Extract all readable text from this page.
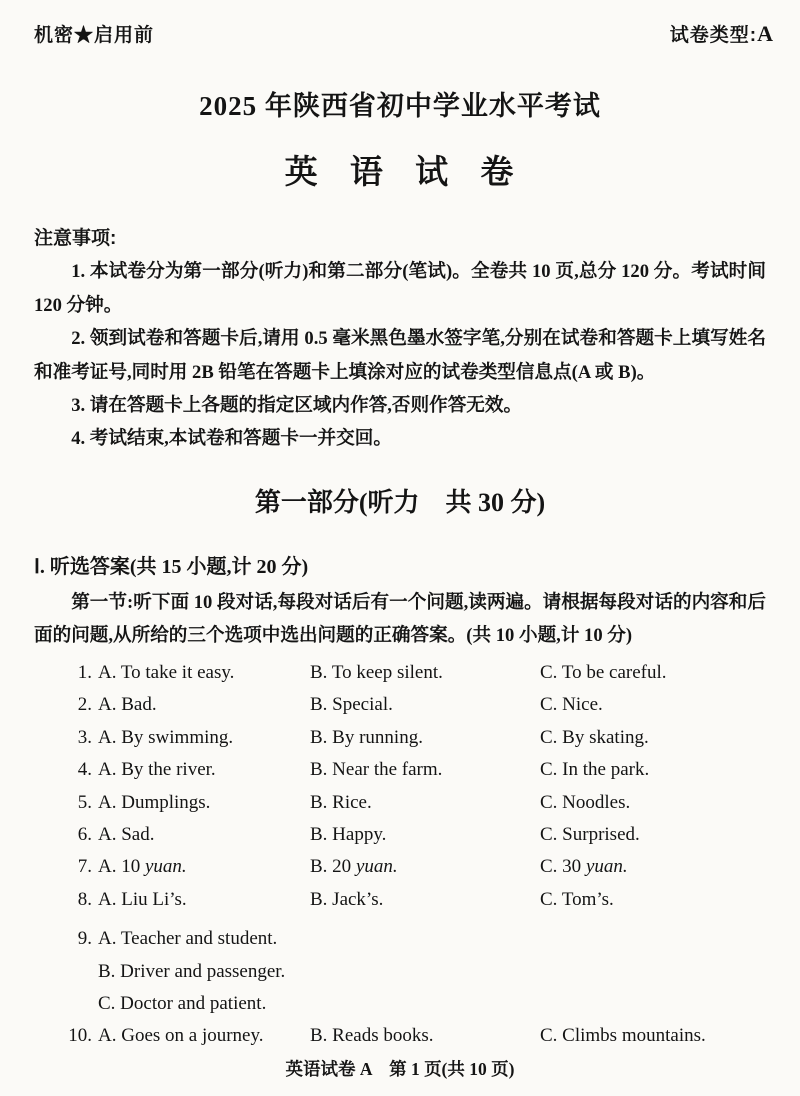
机密★启用前	试卷类型:A
2025 年陕西省初中学业水平考试
英 语 试 卷
注意事项:

1. 本试卷分为第一部分(听力)和第二部分(笔试)。全卷共 10 页,总分 120 分。考试时间 120 分钟。

2. 领到试卷和答题卡后,请用 0.5 毫米黑色墨水签字笔,分别在试卷和答题卡上填写姓名和准考证号,同时用 2B 铅笔在答题卡上填涂对应的试卷类型信息点(A 或 B)。

3. 请在答题卡上各题的指定区域内作答,否则作答无效。

4. 考试结束,本试卷和答题卡一并交回。

第一部分(听力　共 30 分)
Ⅰ. 听选答案(共 15 小题,计 20 分)

第一节:听下面 10 段对话,每段对话后有一个问题,读两遍。请根据每段对话的内容和后面的问题,从所给的三个选项中选出问题的正确答案。(共 10 小题,计 10 分)

1. A. To take it easy.	B. To keep silent.	C. To be careful.
2. A. Bad.	B. Special.	C. Nice.
3. A. By swimming.	B. By running.	C. By skating.
4. A. By the river.	B. Near the farm.	C. In the park.
5. A. Dumplings.	B. Rice.	C. Noodles.
6. A. Sad.	B. Happy.	C. Surprised.
7. A. 10 yuan.	B. 20 yuan.	C. 30 yuan.
8. A. Liu Li’s.	B. Jack’s.	C. Tom’s.
9. A. Teacher and student.
B. Driver and passenger.
C. Doctor and patient.
10. A. Goes on a journey.	B. Reads books.	C. Climbs mountains.
英语试卷 A　第 1 页(共 10 页)
